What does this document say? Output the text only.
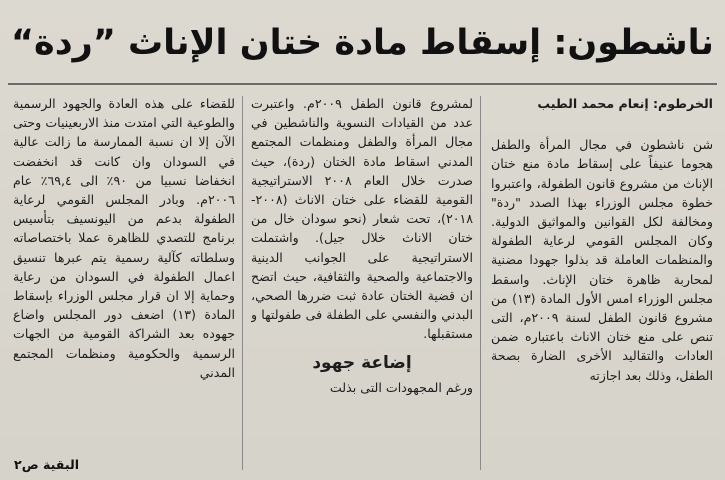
ناشطون: إسقاط مادة ختان الإناث ”ردة“

الخرطوم: إنعام محمد الطيب

شن ناشطون في مجال المرأة والطفل هجوما عنيفاً على إسقاط مادة منع ختان الإناث من مشروع قانون الطفولة، واعتبروا خطوة مجلس الوزراء بهذا الصدد "ردة" ومخالفة لكل القوانين والمواثيق الدولية. وكان المجلس القومي لرعاية الطفولة والمنظمات العاملة قد بذلوا جهودا مضنية لمحاربة ظاهرة ختان الإناث. واسقط مجلس الوزراء امس الأول المادة (١٣) من مشروع قانون الطفل لسنة ٢٠٠٩م، التى تنص على منع ختان الاناث باعتباره ضمن العادات والتقاليد الأخرى الضارة بصحة الطفل، وذلك بعد اجازته

لمشروع قانون الطفل ٢٠٠٩م. واعتبرت عدد من القيادات النسوية والناشطين في مجال المرأة والطفل ومنظمات المجتمع المدني اسقاط مادة الختان (ردة)، حيث صدرت خلال العام ٢٠٠٨ الاستراتيجية القومية للقضاء على ختان الاناث (٢٠٠٨- ٢٠١٨)، تحت شعار (نحو سودان خال من ختان الاناث خلال جيل). واشتملت الاستراتيجية على الجوانب الدينية والاجتماعية والصحية والثقافية، حيث اتضح ان قضية الختان عادة ثبت ضررها الصحي، البدني والنفسي على الطفلة فى طفولتها و مستقبلها.

إضاعة جهود

ورغم المجهودات التى بذلت

للقضاء على هذه العادة والجهود الرسمية والطوعية التي امتدت منذ الاربعينيات وحتى الآن إلا ان نسبة الممارسة ما زالت عالية في السودان وان كانت قد انخفضت انخفاضا نسبيا من ٩٠٪ الى ٦٩,٤٪ عام ٢٠٠٦م. وبادر المجلس القومي لرعاية الطفولة بدعم من اليونسيف بتأسيس برنامج للتصدي للظاهرة عملا باختصاصاته وسلطاته كآلية رسمية يتم عبرها تنسيق اعمال الطفولة في السودان من رعاية وحماية إلا ان قرار مجلس الوزراء بإسقاط المادة (١٣) اضعف دور المجلس واضاع جهوده بعد الشراكة القومية من الجهات الرسمية والحكومية ومنظمات المجتمع المدني

البقية ص٢
